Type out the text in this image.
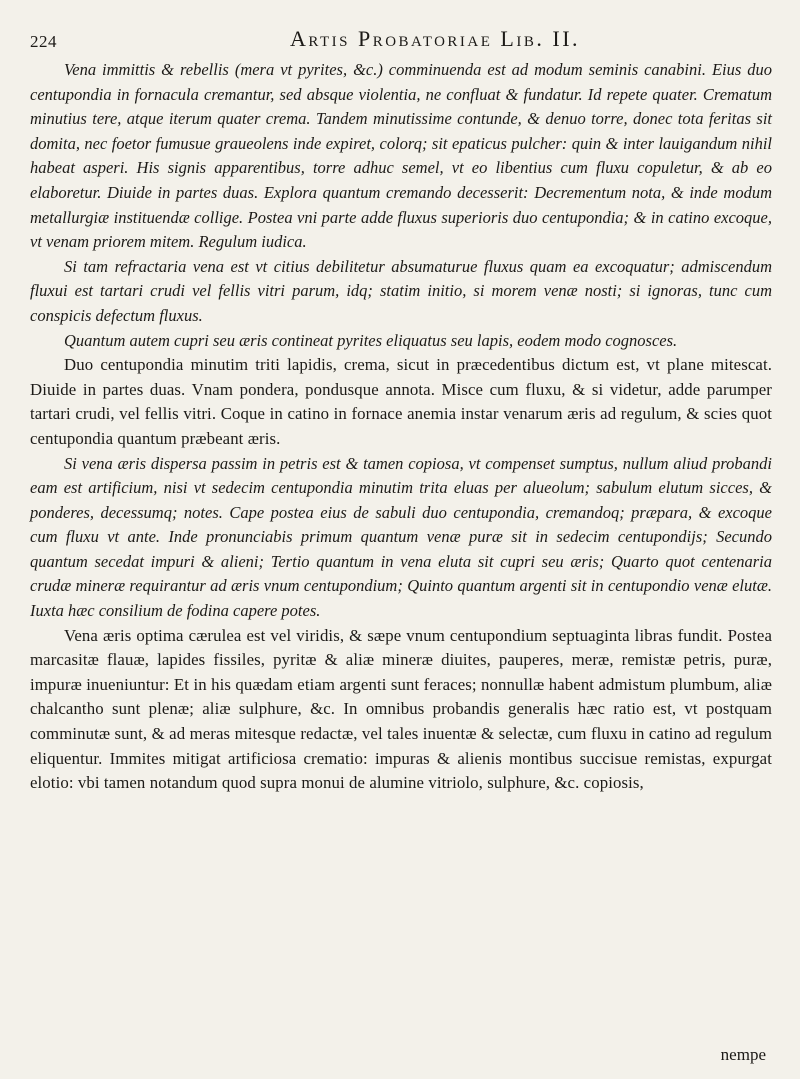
224	Artis Probatoriae Lib. II.

Vena immittis & rebellis (mera vt pyrites, &c.) comminuenda est ad modum seminis canabini. Eius duo centupondia in fornacula cremantur, sed absque violentia, ne confluat & fundatur. Id repete quater. Crematum minutius tere, atque iterum quater crema. Tandem minutissime contunde, & denuo torre, donec tota feritas sit domita, nec foetor fumusue graueolens inde expiret, colorq; sit epaticus pulcher: quin & inter lauigandum nihil habeat asperi. His signis apparentibus, torre adhuc semel, vt eo libentius cum fluxu copuletur, & ab eo elaboretur. Diuide in partes duas. Explora quantum cremando decesserit: Decrementum nota, & inde modum metallurgiæ instituendæ collige. Postea vni parte adde fluxus superioris duo centupondia; & in catino excoque, vt venam priorem mitem. Regulum iudica.

Si tam refractaria vena est vt citius debilitetur absumaturue fluxus quam ea excoquatur; admiscendum fluxui est tartari crudi vel fellis vitri parum, idq; statim initio, si morem venæ nosti; si ignoras, tunc cum conspicis defectum fluxus.

Quantum autem cupri seu æris contineat pyrites eliquatus seu lapis, eodem modo cognosces.

Duo centupondia minutim triti lapidis, crema, sicut in præcedentibus dictum est, vt plane mitescat. Diuide in partes duas. Vnam pondera, pondusque annota. Misce cum fluxu, & si videtur, adde parumper tartari crudi, vel fellis vitri. Coque in catino in fornace anemia instar venarum æris ad regulum, & scies quot centupondia quantum præbeant æris.

Si vena æris dispersa passim in petris est & tamen copiosa, vt compenset sumptus, nullum aliud probandi eam est artificium, nisi vt sedecim centupondia minutim trita eluas per alueolum; sabulum elutum sicces, & ponderes, decessumq; notes. Cape postea eius de sabuli duo centupondia, cremandoq; præpara, & excoque cum fluxu vt ante. Inde pronunciabis primum quantum venæ puræ sit in sedecim centupondijs; Secundo quantum secedat impuri & alieni; Tertio quantum in vena eluta sit cupri seu æris; Quarto quot centenaria crudæ mineræ requirantur ad æris vnum centupondium; Quinto quantum argenti sit in centupondio venæ elutæ. Iuxta hæc consilium de fodina capere potes.

Vena æris optima cærulea est vel viridis, & sæpe vnum centupondium septuaginta libras fundit. Postea marcasitæ flauæ, lapides fissiles, pyritæ & aliæ mineræ diuites, pauperes, meræ, remistæ petris, puræ, impuræ inueniuntur: Et in his quædam etiam argenti sunt feraces; nonnullæ habent admistum plumbum, aliæ chalcantho sunt plenæ; aliæ sulphure, &c. In omnibus probandis generalis hæc ratio est, vt postquam comminutæ sunt, & ad meras mitesque redactæ, vel tales inuentæ & selectæ, cum fluxu in catino ad regulum eliquentur. Immites mitigat artificiosa crematio: impuras & alienis montibus succisue remistas, expurgat elotio: vbi tamen notandum quod supra monui de alumine vitriolo, sulphure, &c. copiosis,

nempe
